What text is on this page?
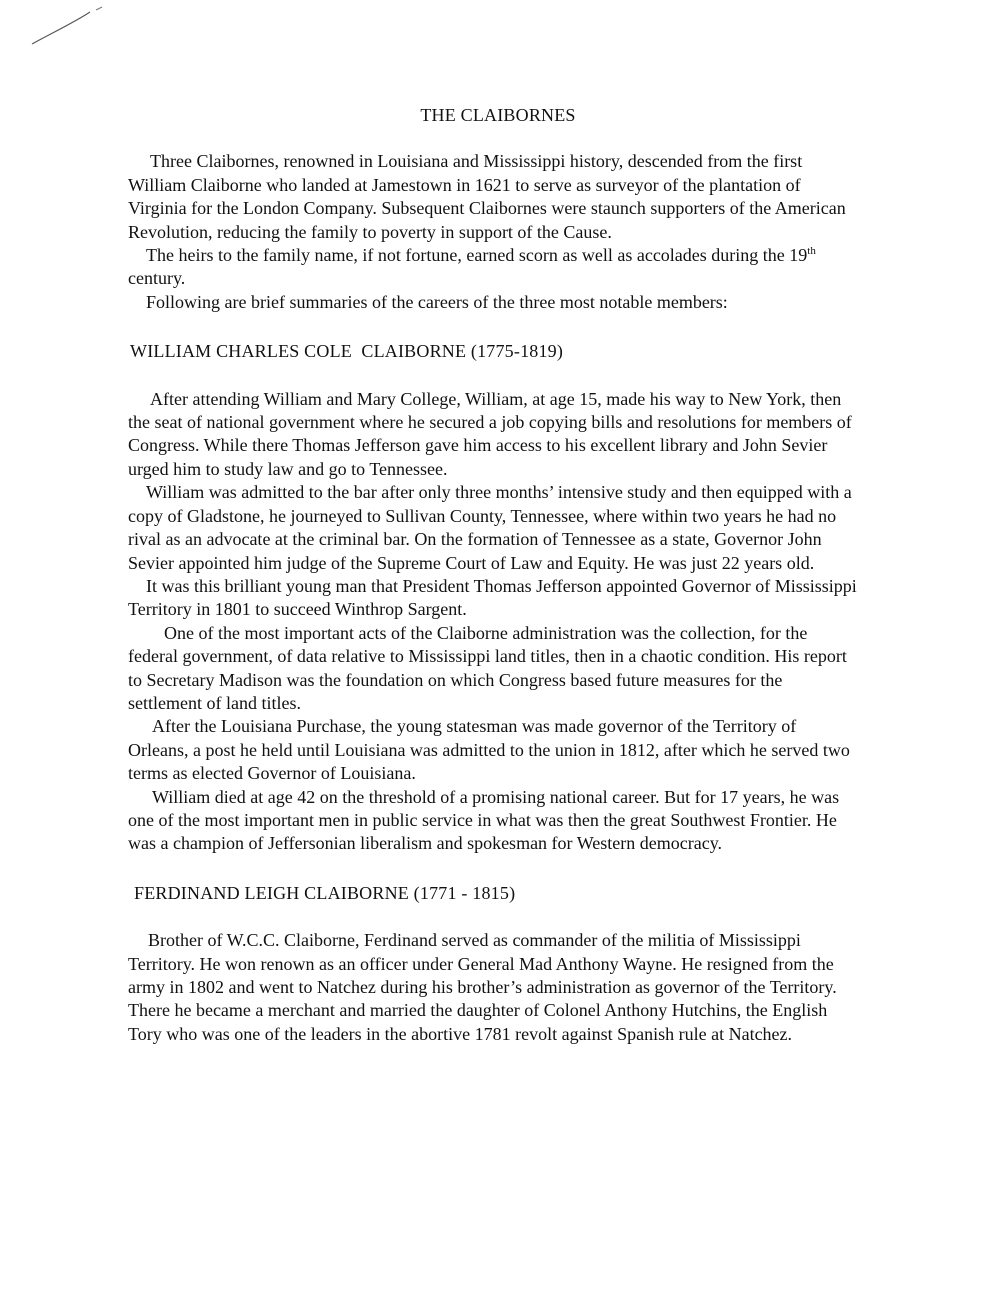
THE CLAIBORNES

Three Claibornes, renowned in Louisiana and Mississippi history, descended from the first William Claiborne who landed at Jamestown in 1621 to serve as surveyor of the plantation of Virginia for the London Company. Subsequent Claibornes were staunch supporters of the American Revolution, reducing the family to poverty in support of the Cause.

The heirs to the family name, if not fortune, earned scorn as well as accolades during the 19th century.

Following are brief summaries of the careers of the three most notable members:

WILLIAM CHARLES COLE  CLAIBORNE (1775-1819)

After attending William and Mary College, William, at age 15, made his way to New York, then the seat of national government where he secured a job copying bills and resolutions for members of Congress. While there Thomas Jefferson gave him access to his excellent library and John Sevier urged him to study law and go to Tennessee.

William was admitted to the bar after only three months’ intensive study and then equipped with a copy of Gladstone, he journeyed to Sullivan County, Tennessee, where within two years he had no rival as an advocate at the criminal bar. On the formation of Tennessee as a state, Governor John Sevier appointed him judge of the Supreme Court of Law and Equity. He was just 22 years old.

It was this brilliant young man that President Thomas Jefferson appointed Governor of Mississippi Territory in 1801 to succeed Winthrop Sargent.

One of the most important acts of the Claiborne administration was the collection, for the federal government, of data relative to Mississippi land titles, then in a chaotic condition. His report to Secretary Madison was the foundation on which Congress based future measures for the settlement of land titles.

After the Louisiana Purchase, the young statesman was made governor of the Territory of Orleans, a post he held until Louisiana was admitted to the union in 1812, after which he served two terms as elected Governor of Louisiana.

William died at age 42 on the threshold of a promising national career. But for 17 years, he was one of the most important men in public service in what was then the great Southwest Frontier. He was a champion of Jeffersonian liberalism and spokesman for Western democracy.

FERDINAND LEIGH CLAIBORNE (1771 - 1815)

Brother of W.C.C. Claiborne, Ferdinand served as commander of the militia of Mississippi Territory. He won renown as an officer under General Mad Anthony Wayne. He resigned from the army in 1802 and went to Natchez during his brother’s administration as governor of the Territory. There he became a merchant and married the daughter of Colonel Anthony Hutchins, the English Tory who was one of the leaders in the abortive 1781 revolt against Spanish rule at Natchez.
